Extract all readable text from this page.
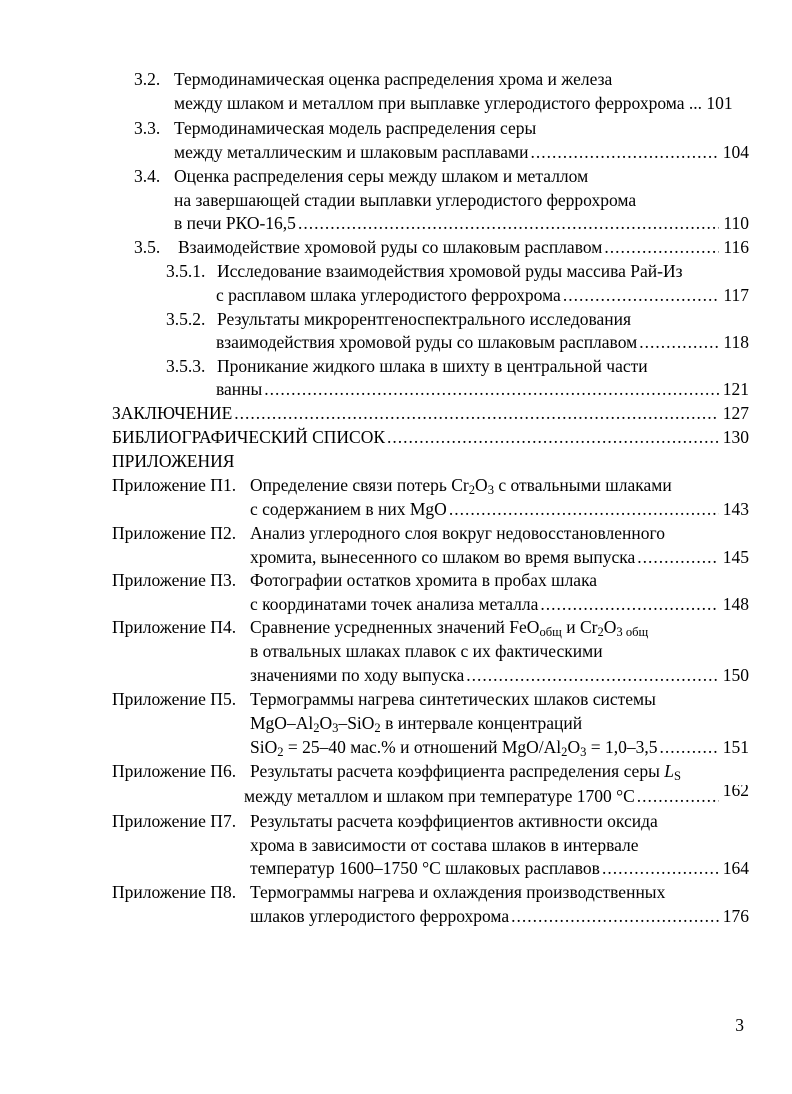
3.2. Термодинамическая оценка распределения хрома и железа
между шлаком и металлом при выплавке углеродистого феррохрома ... 101
3.3. Термодинамическая модель распределения серы
между металлическим и шлаковым расплавами .....	104
3.4. Оценка распределения серы между шлаком и металлом
на завершающей стадии выплавки углеродистого феррохрома
в печи РКО-16,5 .....	110
3.5. Взаимодействие хромовой руды со шлаковым расплавом .....	116
3.5.1. Исследование взаимодействия хромовой руды массива Рай-Из
с расплавом шлака углеродистого феррохрома .....	117
3.5.2. Результаты микрорентгеноспектрального исследования
взаимодействия хромовой руды со шлаковым расплавом .....	118
3.5.3. Проникание жидкого шлака в шихту в центральной части
ванны .....	121
ЗАКЛЮЧЕНИЕ .....	127
БИБЛИОГРАФИЧЕСКИЙ СПИСОК .....	130
ПРИЛОЖЕНИЯ
Приложение П1. Определение связи потерь $Cr_2O_3$ с отвальными шлаками
с содержанием в них MgO .....	143
Приложение П2. Анализ углеродного слоя вокруг недовосстановленного
хромита, вынесенного со шлаком во время выпуска .....	145
Приложение П3. Фотографии остатков хромита в пробах шлака
с координатами точек анализа металла .....	148
Приложение П4. Сравнение усредненных значений FeO$_{общ}$ и $Cr_2O_{3 общ}$
в отвальных шлаках плавок с их фактическими
значениями по ходу выпуска .....	150
Приложение П5. Термограммы нагрева синтетических шлаков системы
MgO–$Al_2O_3-SiO_2$ в интервале концентраций
SiO$_2$ = 25–40 мас.% и отношений MgO/$Al_2O_3 = 1,0-3,5$ .....	151
Приложение П6. Результаты расчета коэффициента распределения серы $L_S$
между металлом и шлаком при температуре 1700 °С .....	162
Приложение П7. Результаты расчета коэффициентов активности оксида
хрома в зависимости от состава шлаков в интервале
температур 1600–1750 °С шлаковых расплавов .....	164
Приложение П8. Термограммы нагрева и охлаждения производственных
шлаков углеродистого феррохрома .....	176
3
